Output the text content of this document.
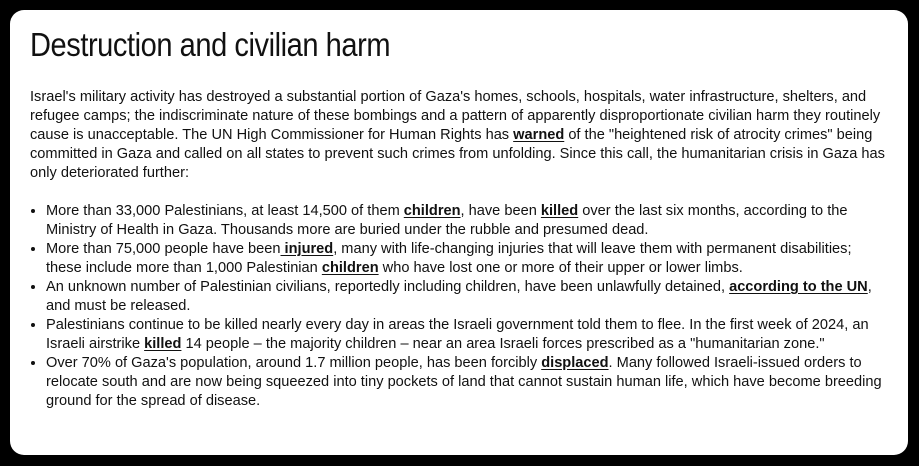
Destruction and civilian harm

Israel's military activity has destroyed a substantial portion of Gaza's homes, schools, hospitals, water infrastructure, shelters, and refugee camps; the indiscriminate nature of these bombings and a pattern of apparently disproportionate civilian harm they routinely cause is unacceptable. The UN High Commissioner for Human Rights has warned of the "heightened risk of atrocity crimes" being committed in Gaza and called on all states to prevent such crimes from unfolding. Since this call, the humanitarian crisis in Gaza has only deteriorated further:

• More than 33,000 Palestinians, at least 14,500 of them children, have been killed over the last six months, according to the Ministry of Health in Gaza. Thousands more are buried under the rubble and presumed dead.
• More than 75,000 people have been injured, many with life-changing injuries that will leave them with permanent disabilities; these include more than 1,000 Palestinian children who have lost one or more of their upper or lower limbs.
• An unknown number of Palestinian civilians, reportedly including children, have been unlawfully detained, according to the UN, and must be released.
• Palestinians continue to be killed nearly every day in areas the Israeli government told them to flee. In the first week of 2024, an Israeli airstrike killed 14 people – the majority children – near an area Israeli forces prescribed as a "humanitarian zone."
• Over 70% of Gaza's population, around 1.7 million people, has been forcibly displaced. Many followed Israeli-issued orders to relocate south and are now being squeezed into tiny pockets of land that cannot sustain human life, which have become breeding ground for the spread of disease.
